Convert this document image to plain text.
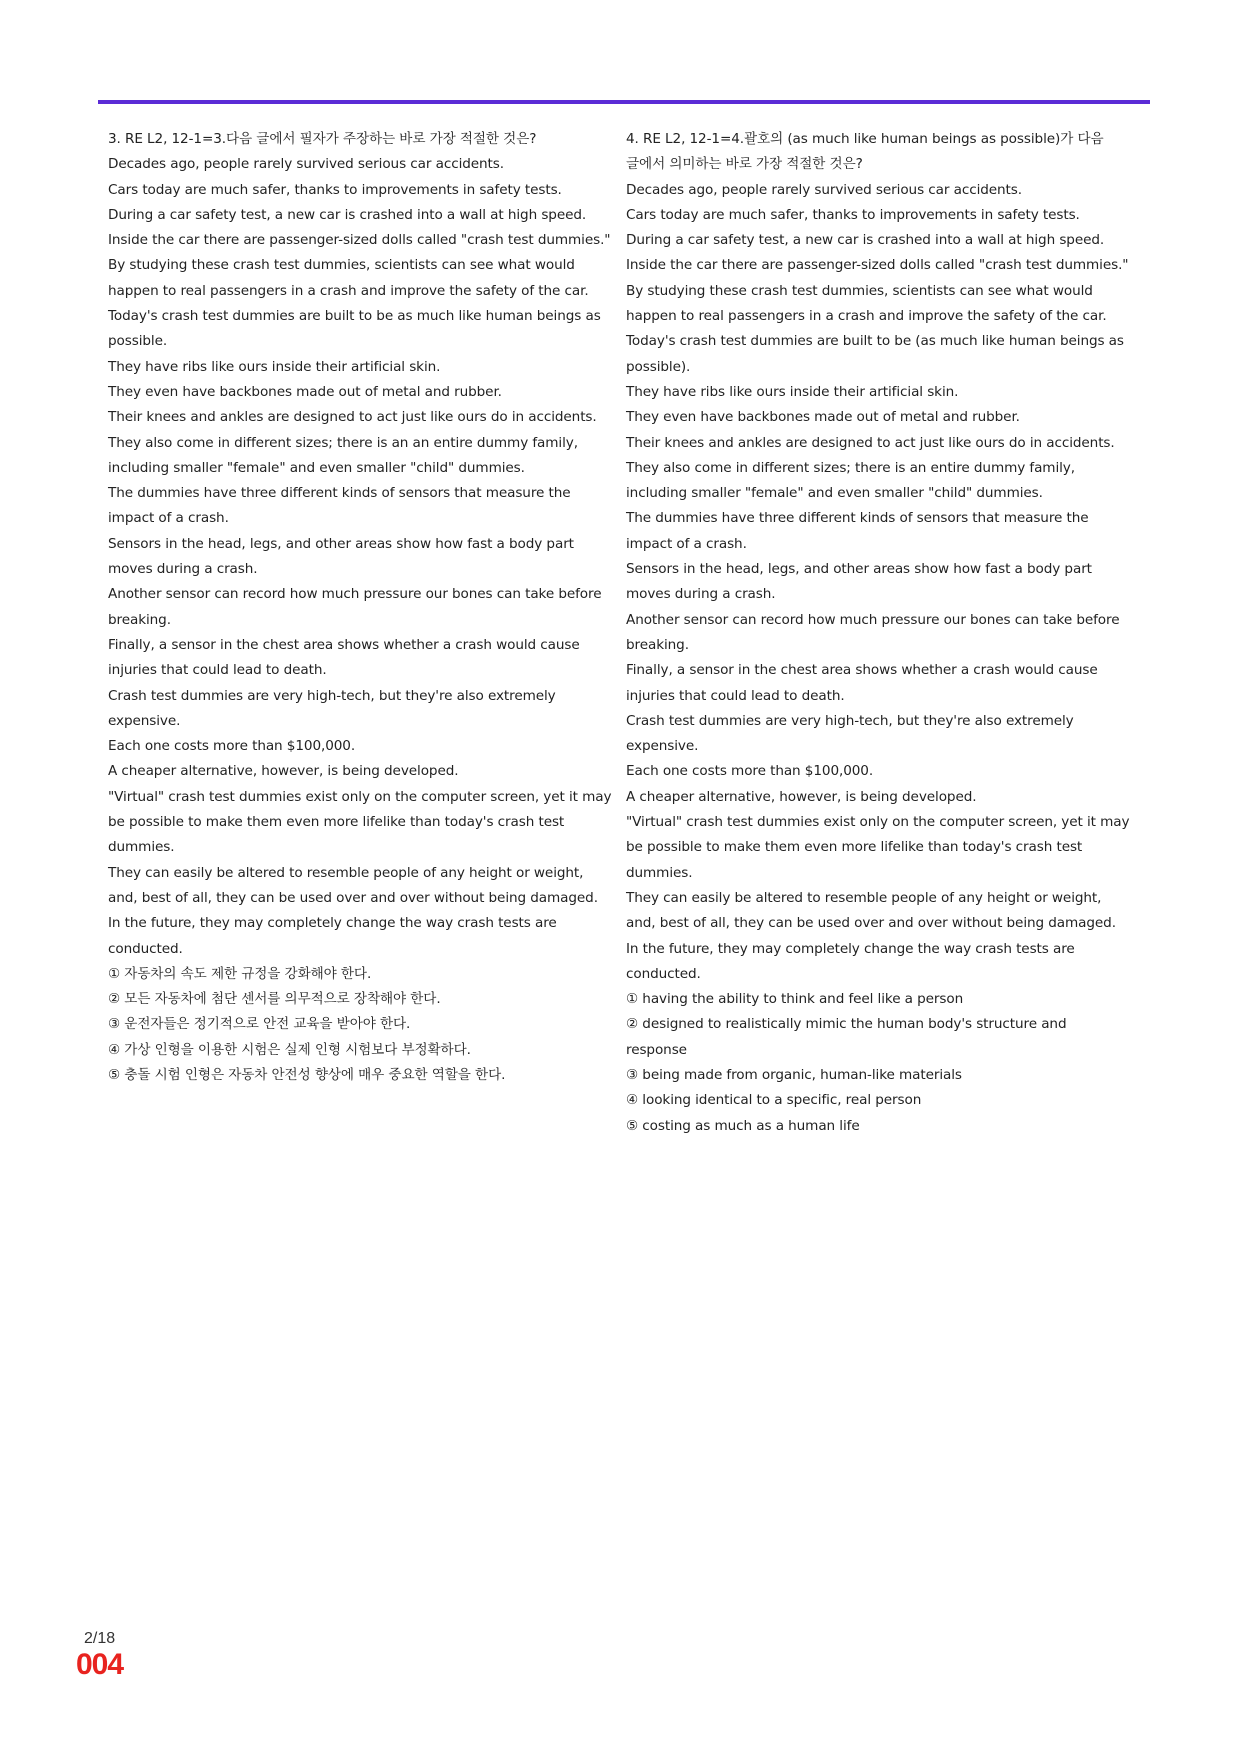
3. RE L2, 12-1=3.다음 글에서 필자가 주장하는 바로 가장 적절한 것은?
Decades ago, people rarely survived serious car accidents.
Cars today are much safer, thanks to improvements in safety tests.
During a car safety test, a new car is crashed into a wall at high speed.
Inside the car there are passenger-sized dolls called "crash test dummies."
By studying these crash test dummies, scientists can see what would
happen to real passengers in a crash and improve the safety of the car.
Today's crash test dummies are built to be as much like human beings as
possible.
They have ribs like ours inside their artificial skin.
They even have backbones made out of metal and rubber.
Their knees and ankles are designed to act just like ours do in accidents.
They also come in different sizes; there is an an entire dummy family,
including smaller "female" and even smaller "child" dummies.
The dummies have three different kinds of sensors that measure the
impact of a crash.
Sensors in the head, legs, and other areas show how fast a body part
moves during a crash.
Another sensor can record how much pressure our bones can take before
breaking.
Finally, a sensor in the chest area shows whether a crash would cause
injuries that could lead to death.
Crash test dummies are very high-tech, but they're also extremely
expensive.
Each one costs more than $100,000.
A cheaper alternative, however, is being developed.
"Virtual" crash test dummies exist only on the computer screen, yet it may
be possible to make them even more lifelike than today's crash test
dummies.
They can easily be altered to resemble people of any height or weight,
and, best of all, they can be used over and over without being damaged.
In the future, they may completely change the way crash tests are
conducted.
① 자동차의 속도 제한 규정을 강화해야 한다.
② 모든 자동차에 첨단 센서를 의무적으로 장착해야 한다.
③ 운전자들은 정기적으로 안전 교육을 받아야 한다.
④ 가상 인형을 이용한 시험은 실제 인형 시험보다 부정확하다.
⑤ 충돌 시험 인형은 자동차 안전성 향상에 매우 중요한 역할을 한다.
4. RE L2, 12-1=4.괄호의 (as much like human beings as possible)가 다음
글에서 의미하는 바로 가장 적절한 것은?
Decades ago, people rarely survived serious car accidents.
Cars today are much safer, thanks to improvements in safety tests.
During a car safety test, a new car is crashed into a wall at high speed.
Inside the car there are passenger-sized dolls called "crash test dummies."
By studying these crash test dummies, scientists can see what would
happen to real passengers in a crash and improve the safety of the car.
Today's crash test dummies are built to be (as much like human beings as
possible).
They have ribs like ours inside their artificial skin.
They even have backbones made out of metal and rubber.
Their knees and ankles are designed to act just like ours do in accidents.
They also come in different sizes; there is an entire dummy family,
including smaller "female" and even smaller "child" dummies.
The dummies have three different kinds of sensors that measure the
impact of a crash.
Sensors in the head, legs, and other areas show how fast a body part
moves during a crash.
Another sensor can record how much pressure our bones can take before
breaking.
Finally, a sensor in the chest area shows whether a crash would cause
injuries that could lead to death.
Crash test dummies are very high-tech, but they're also extremely
expensive.
Each one costs more than $100,000.
A cheaper alternative, however, is being developed.
"Virtual" crash test dummies exist only on the computer screen, yet it may
be possible to make them even more lifelike than today's crash test
dummies.
They can easily be altered to resemble people of any height or weight,
and, best of all, they can be used over and over without being damaged.
In the future, they may completely change the way crash tests are
conducted.
① having the ability to think and feel like a person
② designed to realistically mimic the human body's structure and
response
③ being made from organic, human-like materials
④ looking identical to a specific, real person
⑤ costing as much as a human life
2/18
004
